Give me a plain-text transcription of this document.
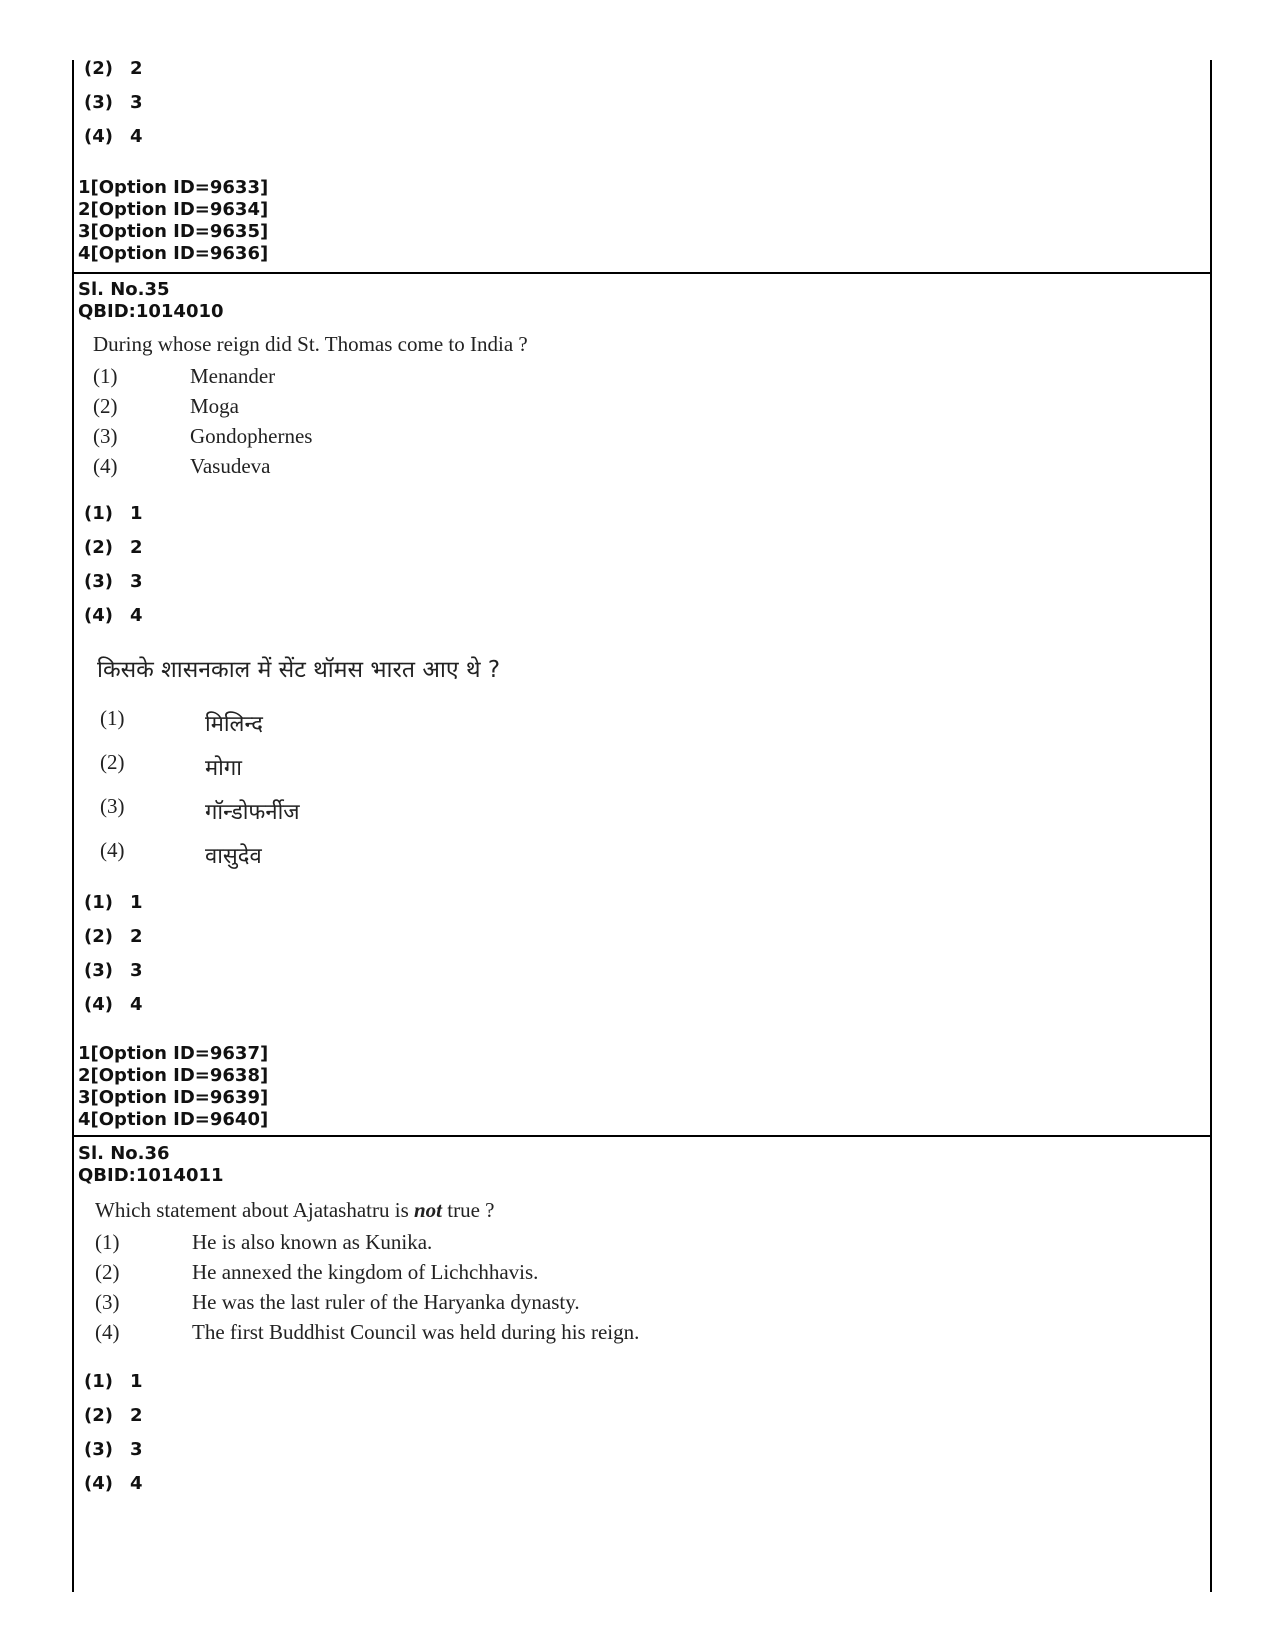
(2) 2
(3) 3
(4) 4
1[Option ID=9633]
2[Option ID=9634]
3[Option ID=9635]
4[Option ID=9636]
Sl. No.35
QBID:1014010
During whose reign did St. Thomas come to India ?
(1)	Menander
(2)	Moga
(3)	Gondophernes
(4)	Vasudeva
(1) 1
(2) 2
(3) 3
(4) 4
किसके शासनकाल में सेंट थॉमस भारत आए थे ?
(1)	मिलिन्द
(2)	मोगा
(3)	गॉन्डोफर्नीज
(4)	वासुदेव
(1) 1
(2) 2
(3) 3
(4) 4
1[Option ID=9637]
2[Option ID=9638]
3[Option ID=9639]
4[Option ID=9640]
Sl. No.36
QBID:1014011
Which statement about Ajatashatru is not true ?
(1)	He is also known as Kunika.
(2)	He annexed the kingdom of Lichchhavis.
(3)	He was the last ruler of the Haryanka dynasty.
(4)	The first Buddhist Council was held during his reign.
(1) 1
(2) 2
(3) 3
(4) 4
